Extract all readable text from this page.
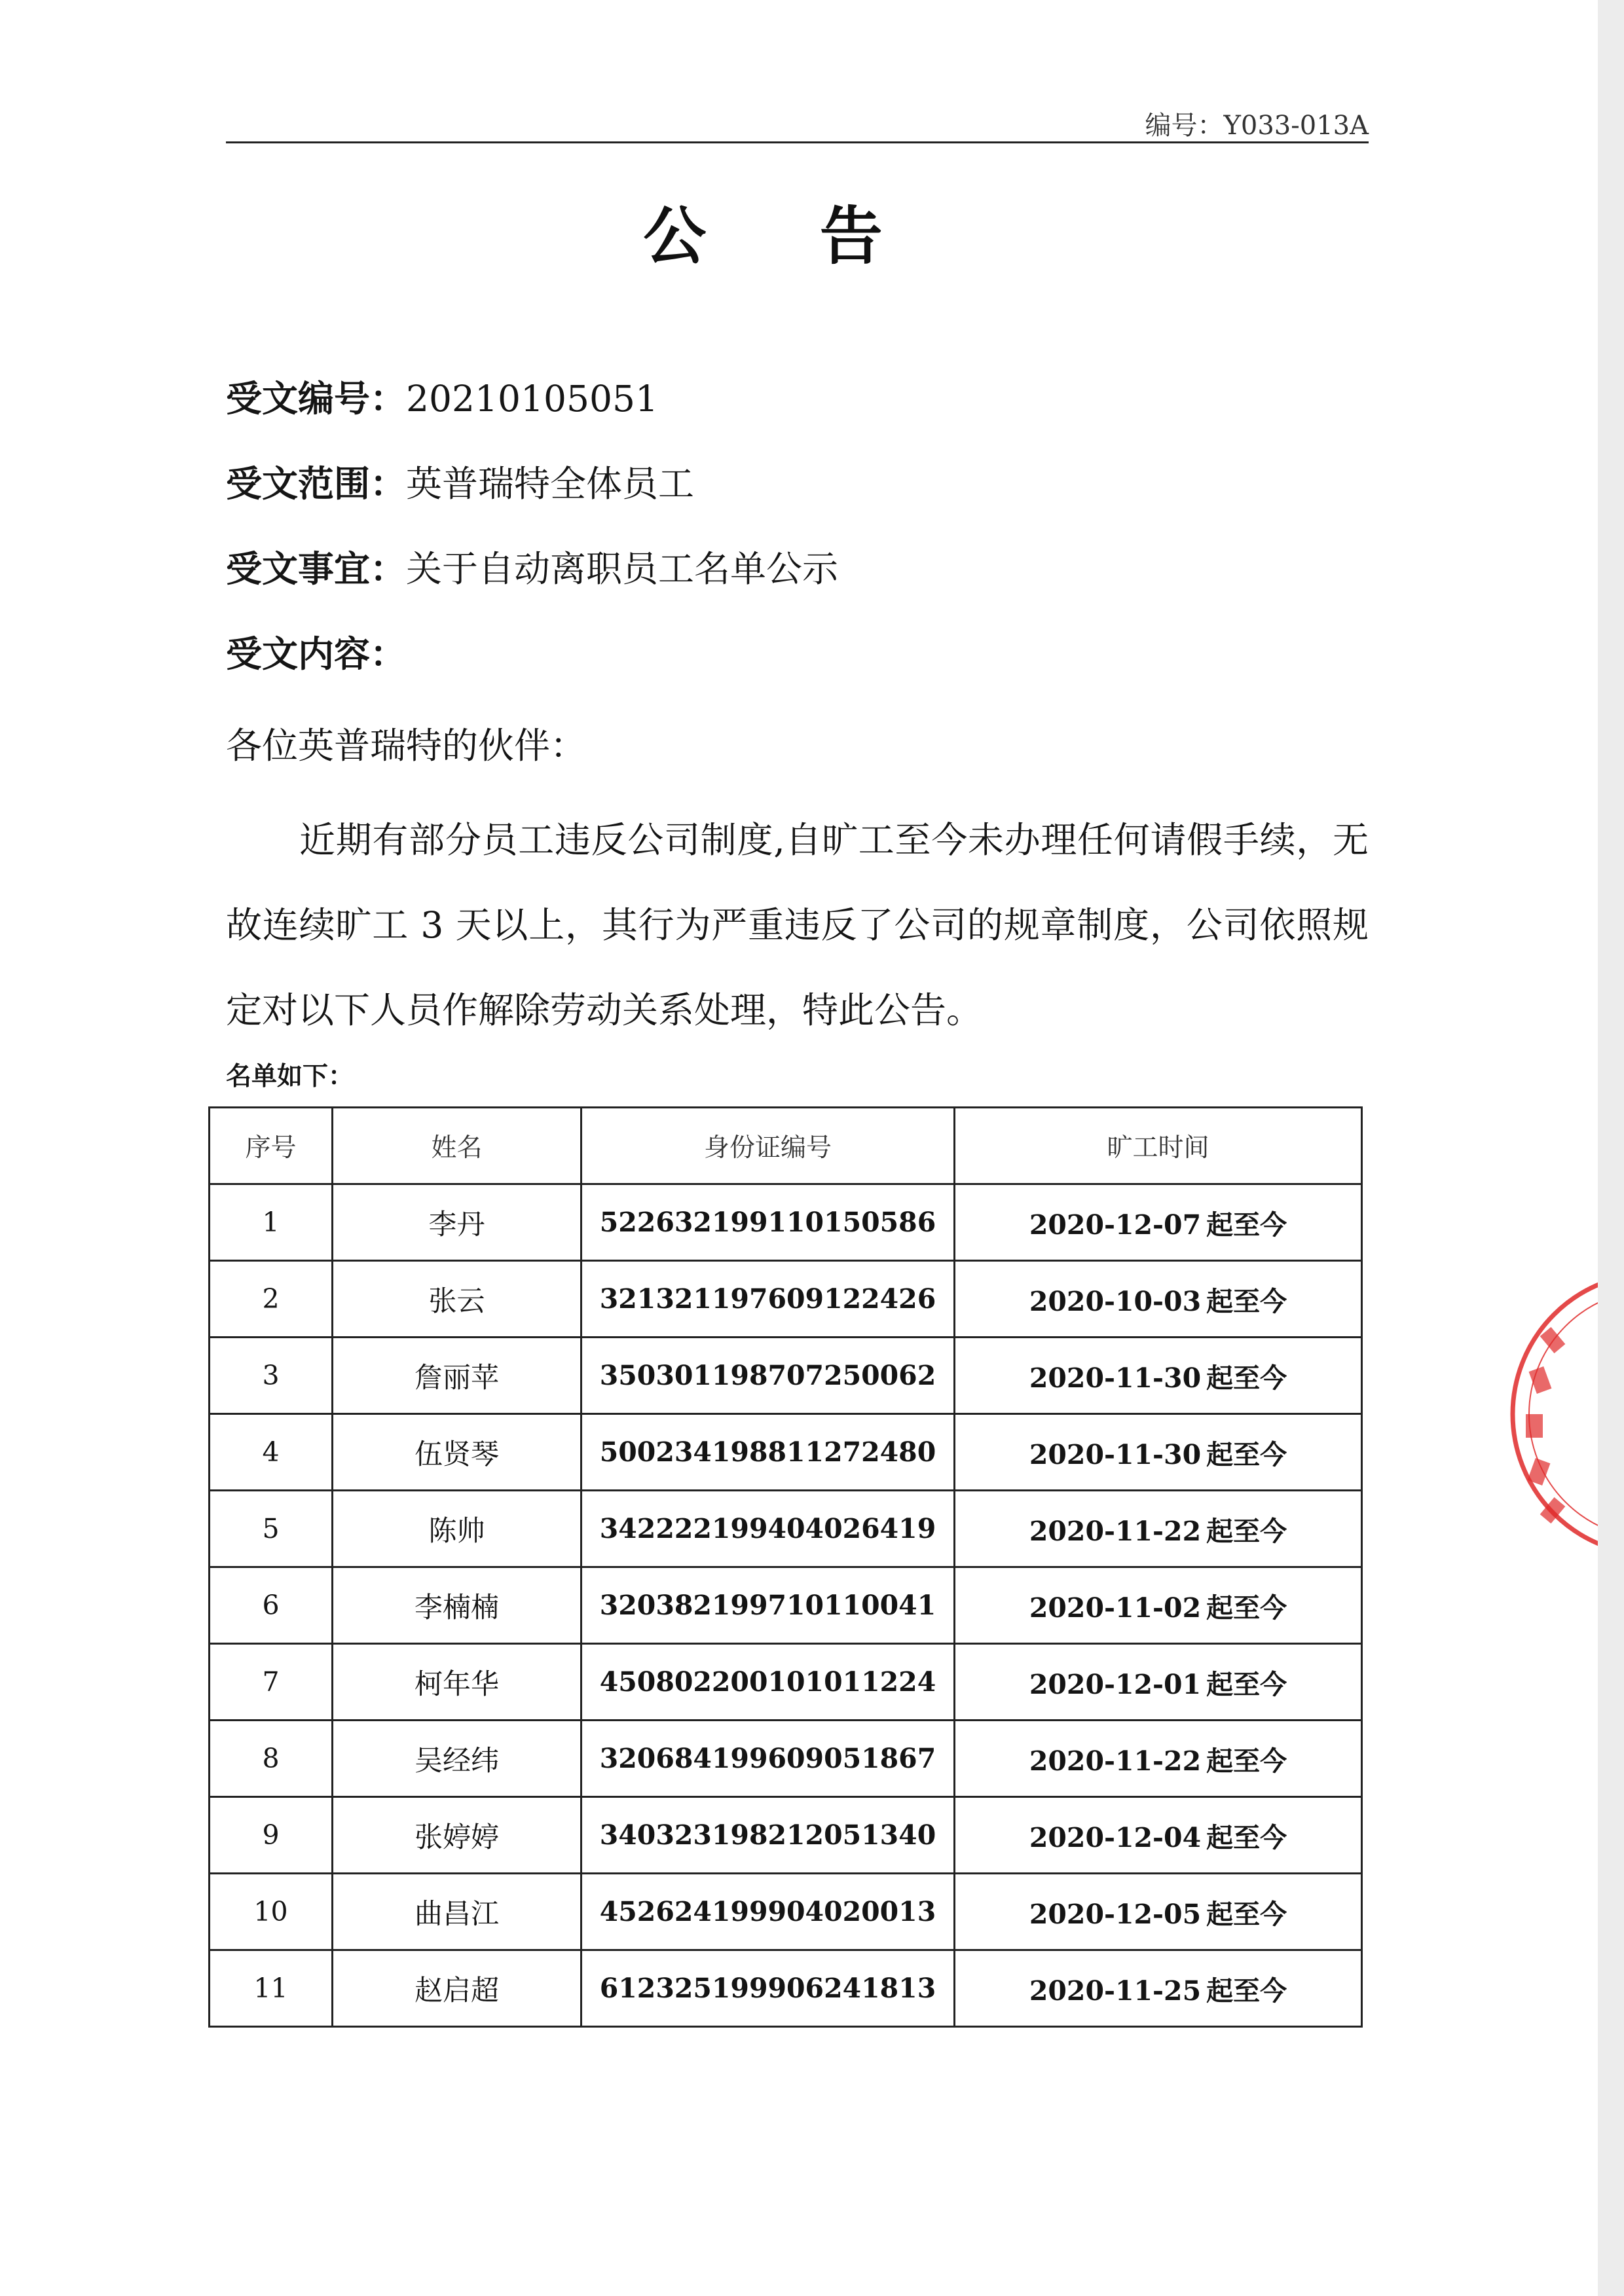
编号：Y033-013A
公 告
受文编号：20210105051
受文范围：英普瑞特全体员工
受文事宜：关于自动离职员工名单公示
受文内容：
各位英普瑞特的伙伴：
近期有部分员工违反公司制度,自旷工至今未办理任何请假手续，无故连续旷工 3 天以上，其行为严重违反了公司的规章制度，公司依照规定对以下人员作解除劳动关系处理，特此公告。
名单如下：
序号	姓名	身份证编号	旷工时间
1	李丹	522632199110150586	2020-12-07 起至今
2	张云	321321197609122426	2020-10-03 起至今
3	詹丽苹	350301198707250062	2020-11-30 起至今
4	伍贤琴	500234198811272480	2020-11-30 起至今
5	陈帅	342222199404026419	2020-11-22 起至今
6	李楠楠	320382199710110041	2020-11-02 起至今
7	柯年华	450802200101011224	2020-12-01 起至今
8	吴经纬	320684199609051867	2020-11-22 起至今
9	张婷婷	340323198212051340	2020-12-04 起至今
10	曲昌江	452624199904020013	2020-12-05 起至今
11	赵启超	612325199906241813	2020-11-25 起至今
